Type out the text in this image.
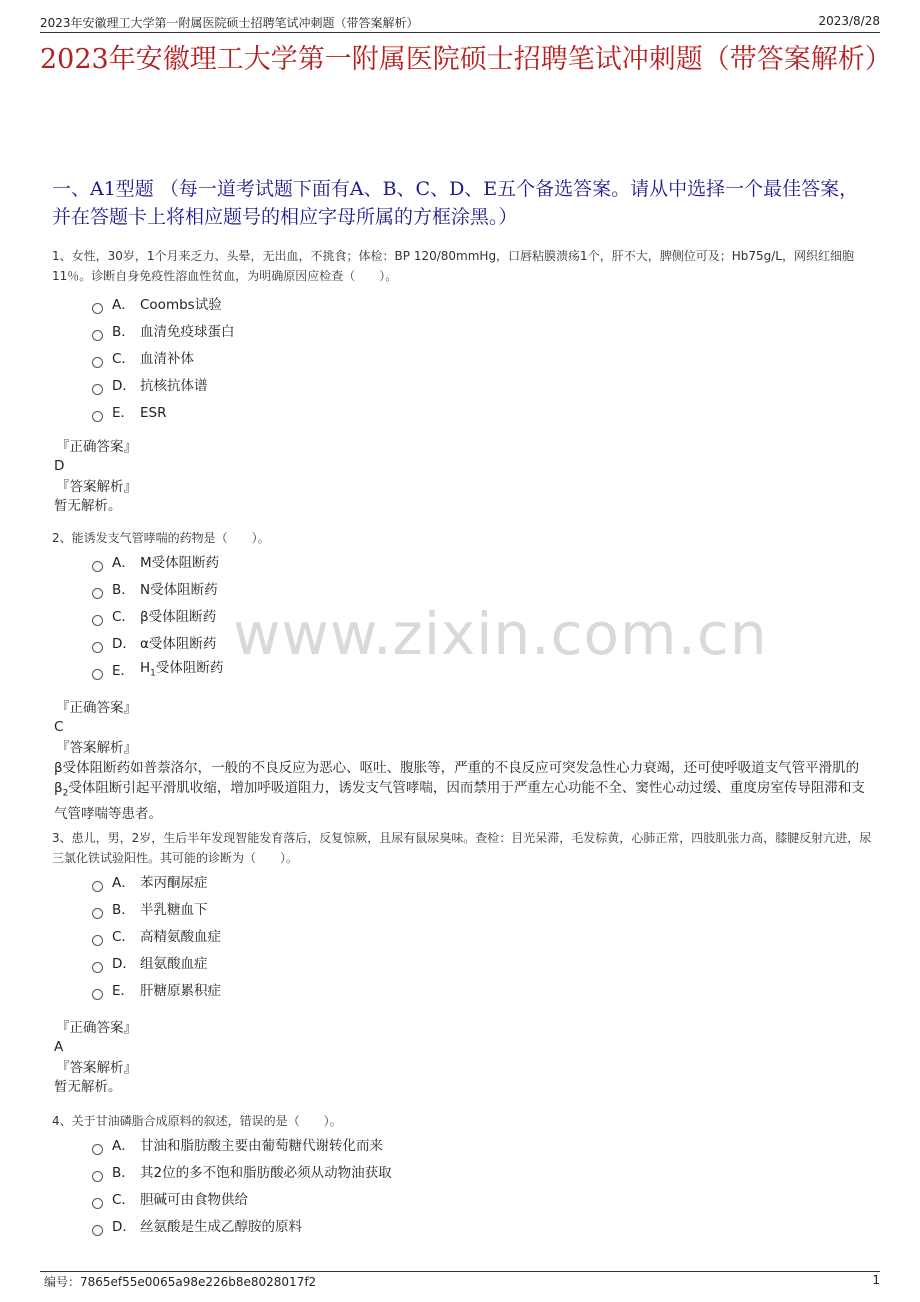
2023年安徽理工大学第一附属医院硕士招聘笔试冲刺题（带答案解析）	2023/8/28
2023年安徽理工大学第一附属医院硕士招聘笔试冲刺题（带答案解析）
一、A1型题 （每一道考试题下面有A、B、C、D、E五个备选答案。请从中选择一个最佳答案，并在答题卡上将相应题号的相应字母所属的方框涂黑。）
1、女性，30岁，1个月来乏力、头晕，无出血，不挑食；体检：BP 120/80mmHg，口唇粘膜溃疡1个，肝不大，脾侧位可及；Hb75g/L，网织红细胞11％。诊断自身免疫性溶血性贫血，为明确原因应检查（　　）。
A． Coombs试验
B． 血清免疫球蛋白
C． 血清补体
D． 抗核抗体谱
E． ESR
『正确答案』
D
『答案解析』
暂无解析。
2、能诱发支气管哮喘的药物是（　　）。
A． M受体阻断药
B． N受体阻断药
C． β受体阻断药
D． α受体阻断药
E． $H_1$受体阻断药
『正确答案』
C
『答案解析』
β受体阻断药如普萘洛尔，一般的不良反应为恶心、呕吐、腹胀等，严重的不良反应可突发急性心力衰竭，还可使呼吸道支气管平滑肌的$\beta_2$受体阻断引起平滑肌收缩，增加呼吸道阻力，诱发支气管哮喘，因而禁用于严重左心功能不全、窦性心动过缓、重度房室传导阻滞和支气管哮喘等患者。
3、患儿，男，2岁，生后半年发现智能发育落后，反复惊厥，且尿有鼠尿臭味。查检：目光呆滞，毛发棕黄，心肺正常，四肢肌张力高，膝腱反射亢进，尿三氯化铁试验阳性。其可能的诊断为（　　）。
A． 苯丙酮尿症
B． 半乳糖血下
C． 高精氨酸血症
D． 组氨酸血症
E． 肝糖原累积症
『正确答案』
A
『答案解析』
暂无解析。
4、关于甘油磷脂合成原料的叙述，错误的是（　　）。
A． 甘油和脂肪酸主要由葡萄糖代谢转化而来
B． 其2位的多不饱和脂肪酸必须从动物油获取
C． 胆碱可由食物供给
D． 丝氨酸是生成乙醇胺的原料
www.zixin.com.cn
编号：7865ef55e0065a98e226b8e8028017f2	1
